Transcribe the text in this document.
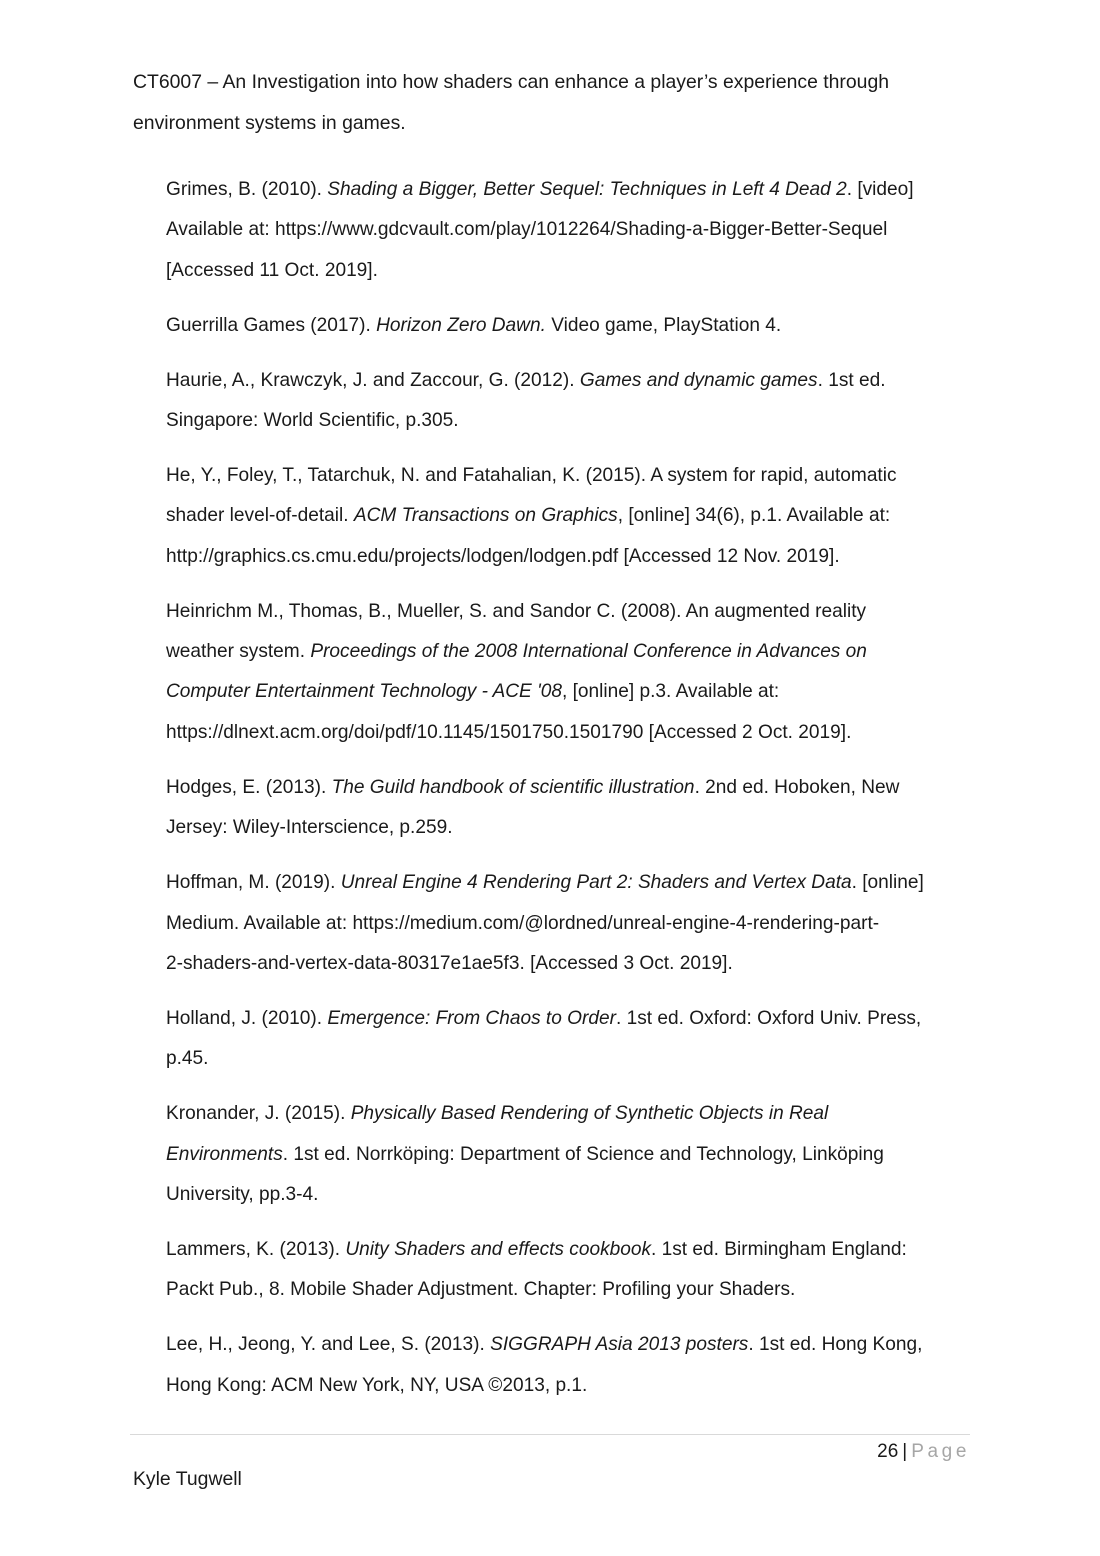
CT6007 – An Investigation into how shaders can enhance a player’s experience through
environment systems in games.
Grimes, B. (2010). Shading a Bigger, Better Sequel: Techniques in Left 4 Dead 2. [video]
Available at: https://www.gdcvault.com/play/1012264/Shading-a-Bigger-Better-Sequel
[Accessed 11 Oct. 2019].
Guerrilla Games (2017). Horizon Zero Dawn. Video game, PlayStation 4.
Haurie, A., Krawczyk, J. and Zaccour, G. (2012). Games and dynamic games. 1st ed.
Singapore: World Scientific, p.305.
He, Y., Foley, T., Tatarchuk, N. and Fatahalian, K. (2015). A system for rapid, automatic
shader level-of-detail. ACM Transactions on Graphics, [online] 34(6), p.1. Available at:
http://graphics.cs.cmu.edu/projects/lodgen/lodgen.pdf [Accessed 12 Nov. 2019].
Heinrichm M., Thomas, B., Mueller, S. and Sandor C. (2008). An augmented reality
weather system. Proceedings of the 2008 International Conference in Advances on
Computer Entertainment Technology - ACE '08, [online] p.3. Available at:
https://dlnext.acm.org/doi/pdf/10.1145/1501750.1501790 [Accessed 2 Oct. 2019].
Hodges, E. (2013). The Guild handbook of scientific illustration. 2nd ed. Hoboken, New
Jersey: Wiley-Interscience, p.259.
Hoffman, M. (2019). Unreal Engine 4 Rendering Part 2: Shaders and Vertex Data. [online]
Medium. Available at: https://medium.com/@lordned/unreal-engine-4-rendering-part-
2-shaders-and-vertex-data-80317e1ae5f3. [Accessed 3 Oct. 2019].
Holland, J. (2010). Emergence: From Chaos to Order. 1st ed. Oxford: Oxford Univ. Press,
p.45.
Kronander, J. (2015). Physically Based Rendering of Synthetic Objects in Real
Environments. 1st ed. Norrköping: Department of Science and Technology, Linköping
University, pp.3-4.
Lammers, K. (2013). Unity Shaders and effects cookbook. 1st ed. Birmingham England:
Packt Pub., 8. Mobile Shader Adjustment. Chapter: Profiling your Shaders.
Lee, H., Jeong, Y. and Lee, S. (2013). SIGGRAPH Asia 2013 posters. 1st ed. Hong Kong,
Hong Kong: ACM New York, NY, USA ©2013, p.1.
26 | Page
Kyle Tugwell
